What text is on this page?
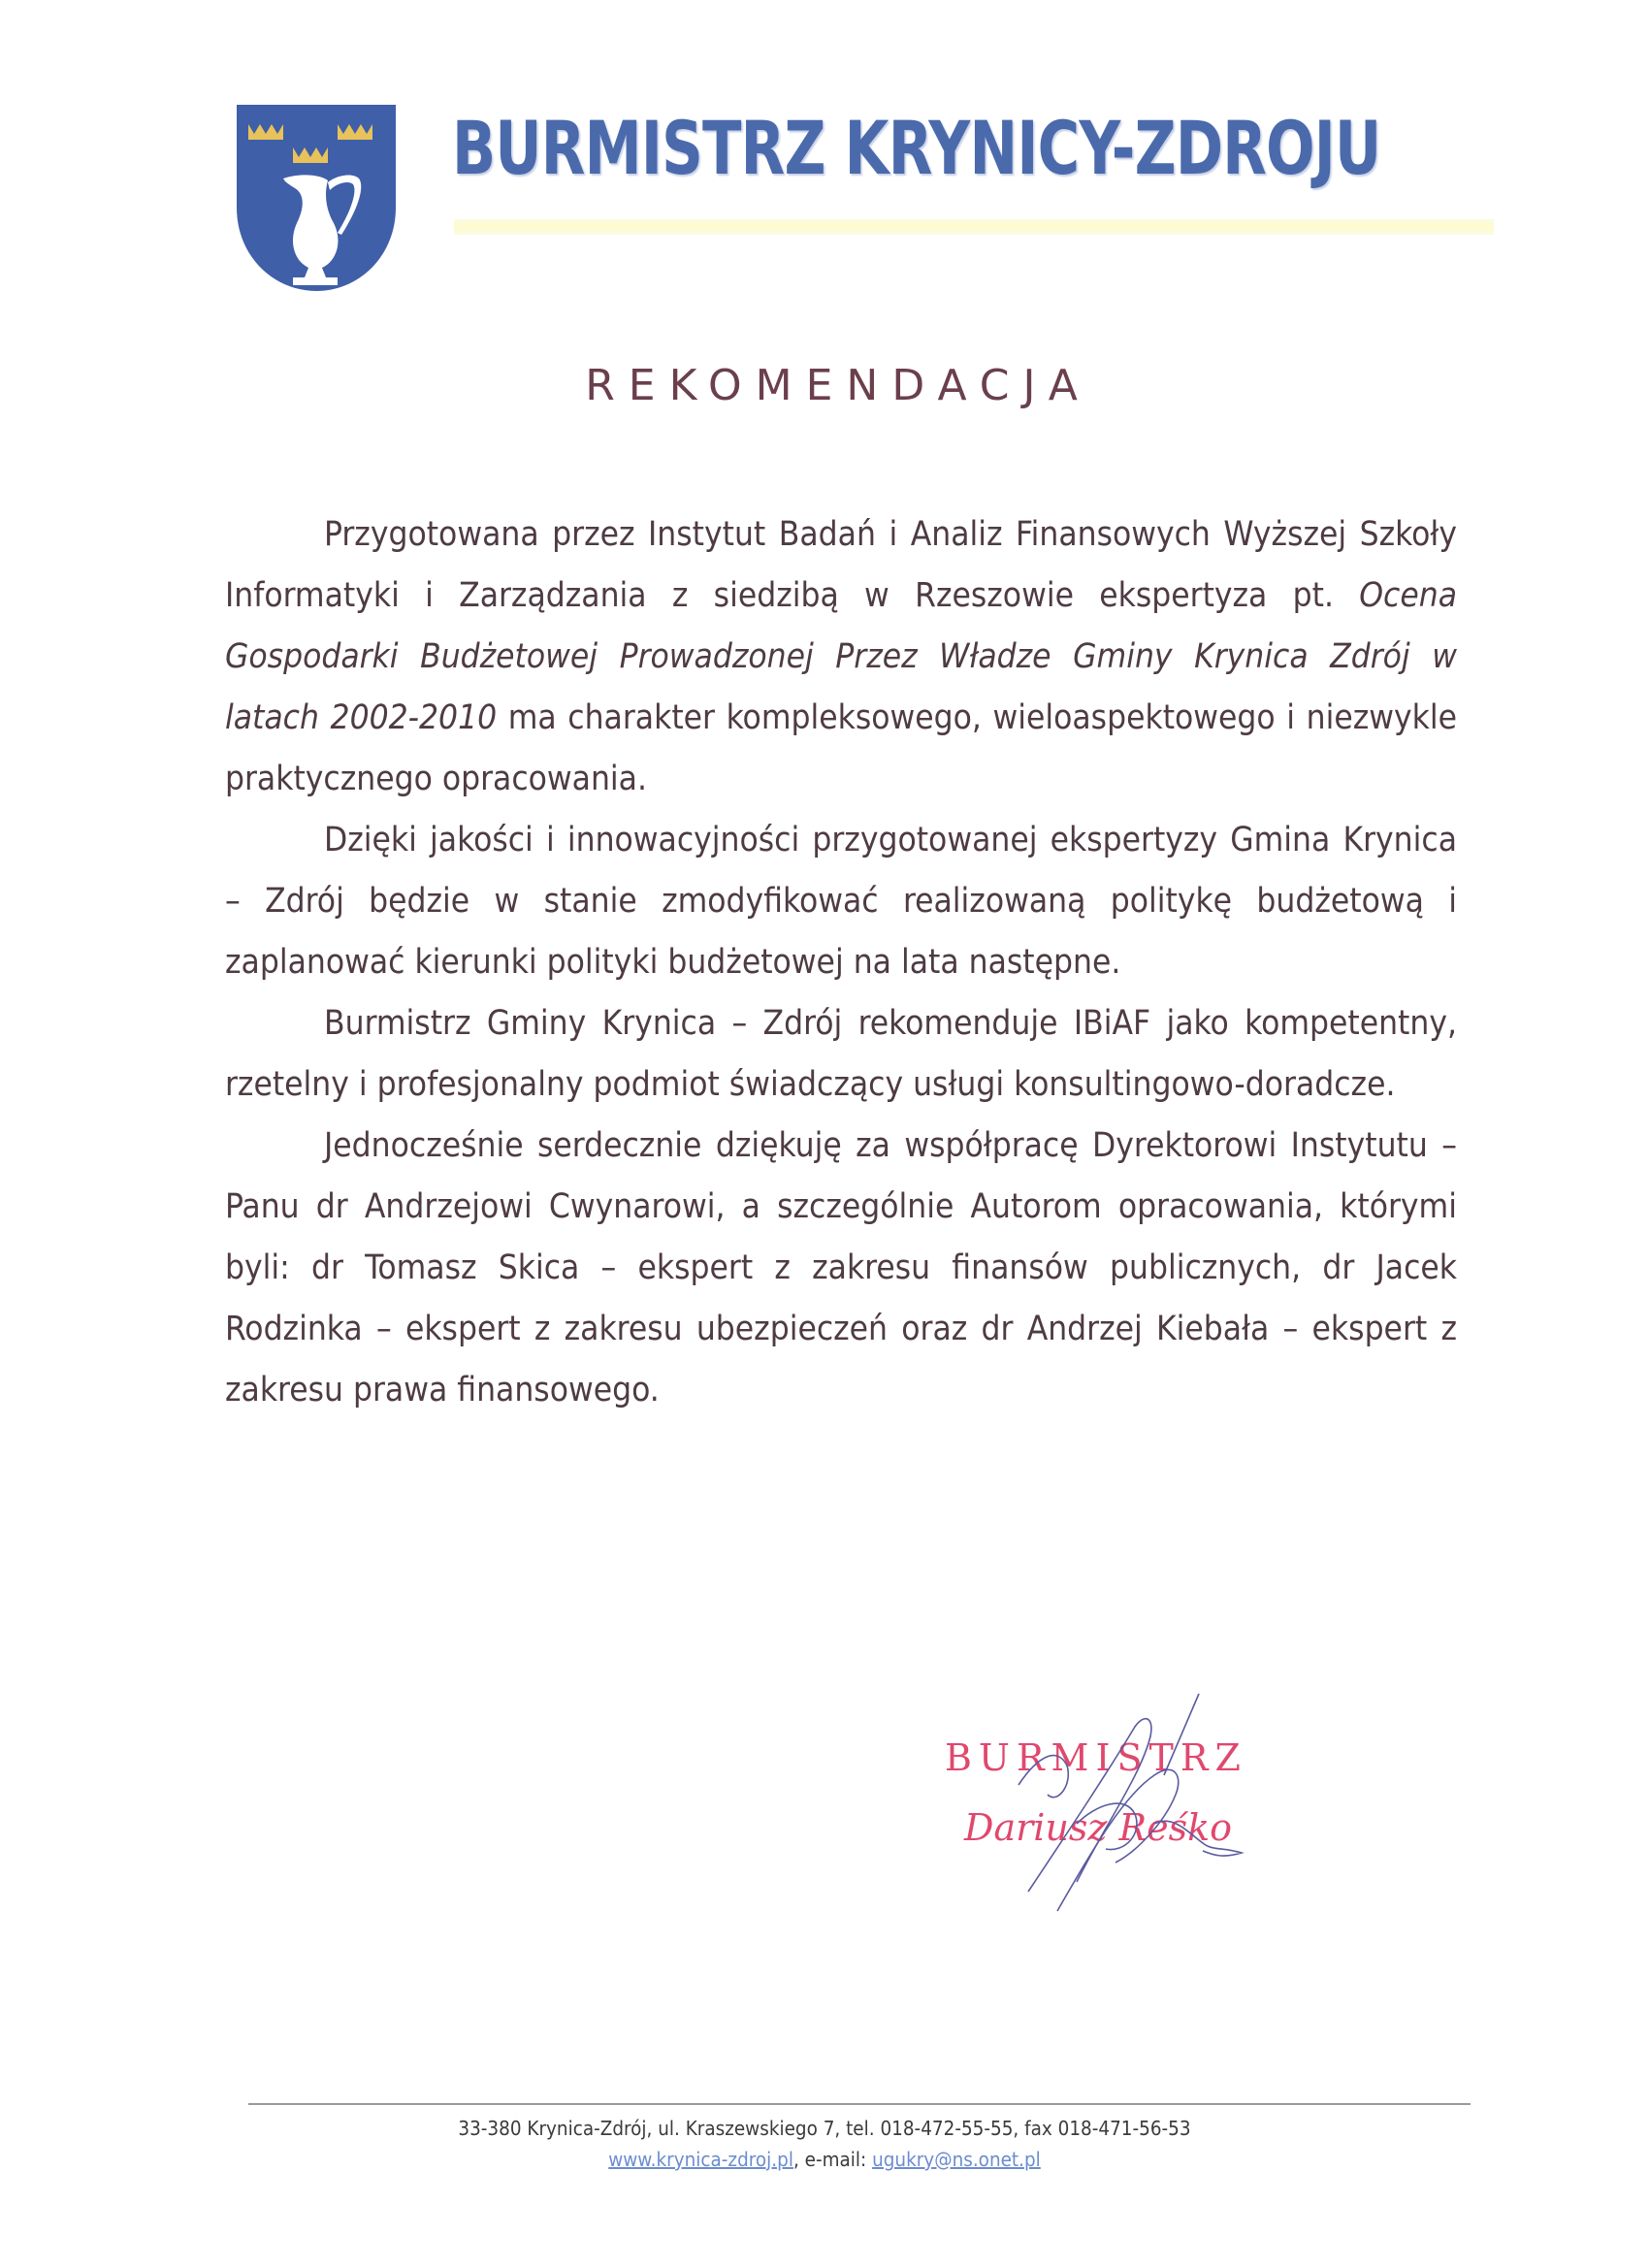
BURMISTRZ KRYNICY-ZDROJU
REKOMENDACJA

Przygotowana przez Instytut Badań i Analiz Finansowych Wyższej Szkoły Informatyki i Zarządzania z siedzibą w Rzeszowie ekspertyza pt. Ocena Gospodarki Budżetowej Prowadzonej Przez Władze Gminy Krynica Zdrój w latach 2002-2010 ma charakter kompleksowego, wieloaspektowego i niezwykle praktycznego opracowania.

Dzięki jakości i innowacyjności przygotowanej ekspertyzy Gmina Krynica – Zdrój będzie w stanie zmodyfikować realizowaną politykę budżetową i zaplanować kierunki polityki budżetowej na lata następne.

Burmistrz Gminy Krynica – Zdrój rekomenduje IBiAF jako kompetentny, rzetelny i profesjonalny podmiot świadczący usługi konsultingowo-doradcze.

Jednocześnie serdecznie dziękuję za współpracę Dyrektorowi Instytutu – Panu dr Andrzejowi Cwynarowi, a szczególnie Autorom opracowania, którymi byli: dr Tomasz Skica – ekspert z zakresu finansów publicznych, dr Jacek Rodzinka – ekspert z zakresu ubezpieczeń oraz dr Andrzej Kiebała – ekspert z zakresu prawa finansowego.

BURMISTRZ
Dariusz Reśko
33-380 Krynica-Zdrój, ul. Kraszewskiego 7, tel. 018-472-55-55, fax 018-471-56-53
www.krynica-zdroj.pl, e-mail: ugukry@ns.onet.pl
